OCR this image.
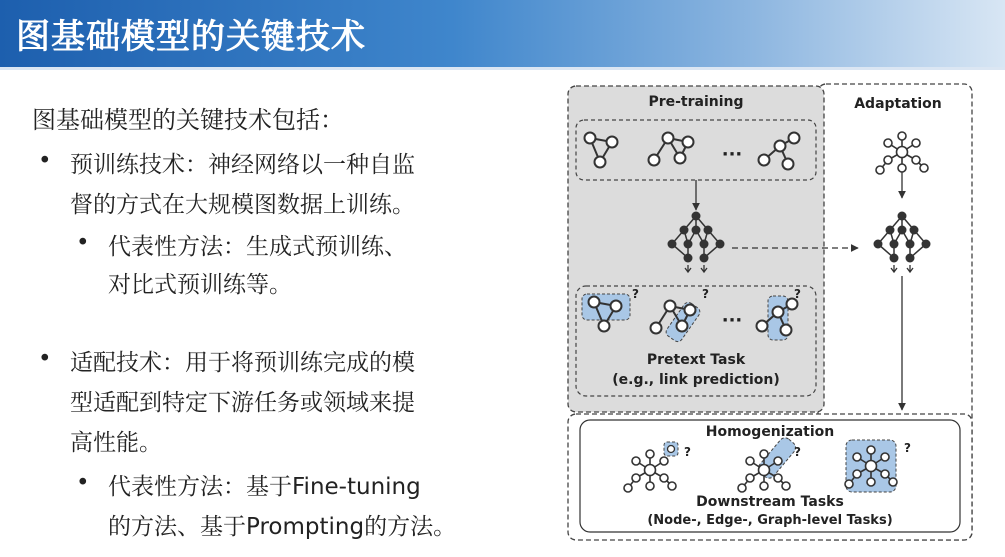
图基础模型的关键技术
图基础模型的关键技术包括：
• 预训练技术：神经网络以一种自监
督的方式在大规模图数据上训练。
• 代表性方法：生成式预训练、
对比式预训练等。
• 适配技术：用于将预训练完成的模
型适配到特定下游任务或领域来提
高性能。
• 代表性方法：基于Fine-tuning
的方法、基于Prompting的方法。
Pre-training	Adaptation
···
?	?
···
?
Pretext Task
(e.g., link prediction)
Homogenization
?	?	?
Downstream Tasks
(Node-, Edge-, Graph-level Tasks)
